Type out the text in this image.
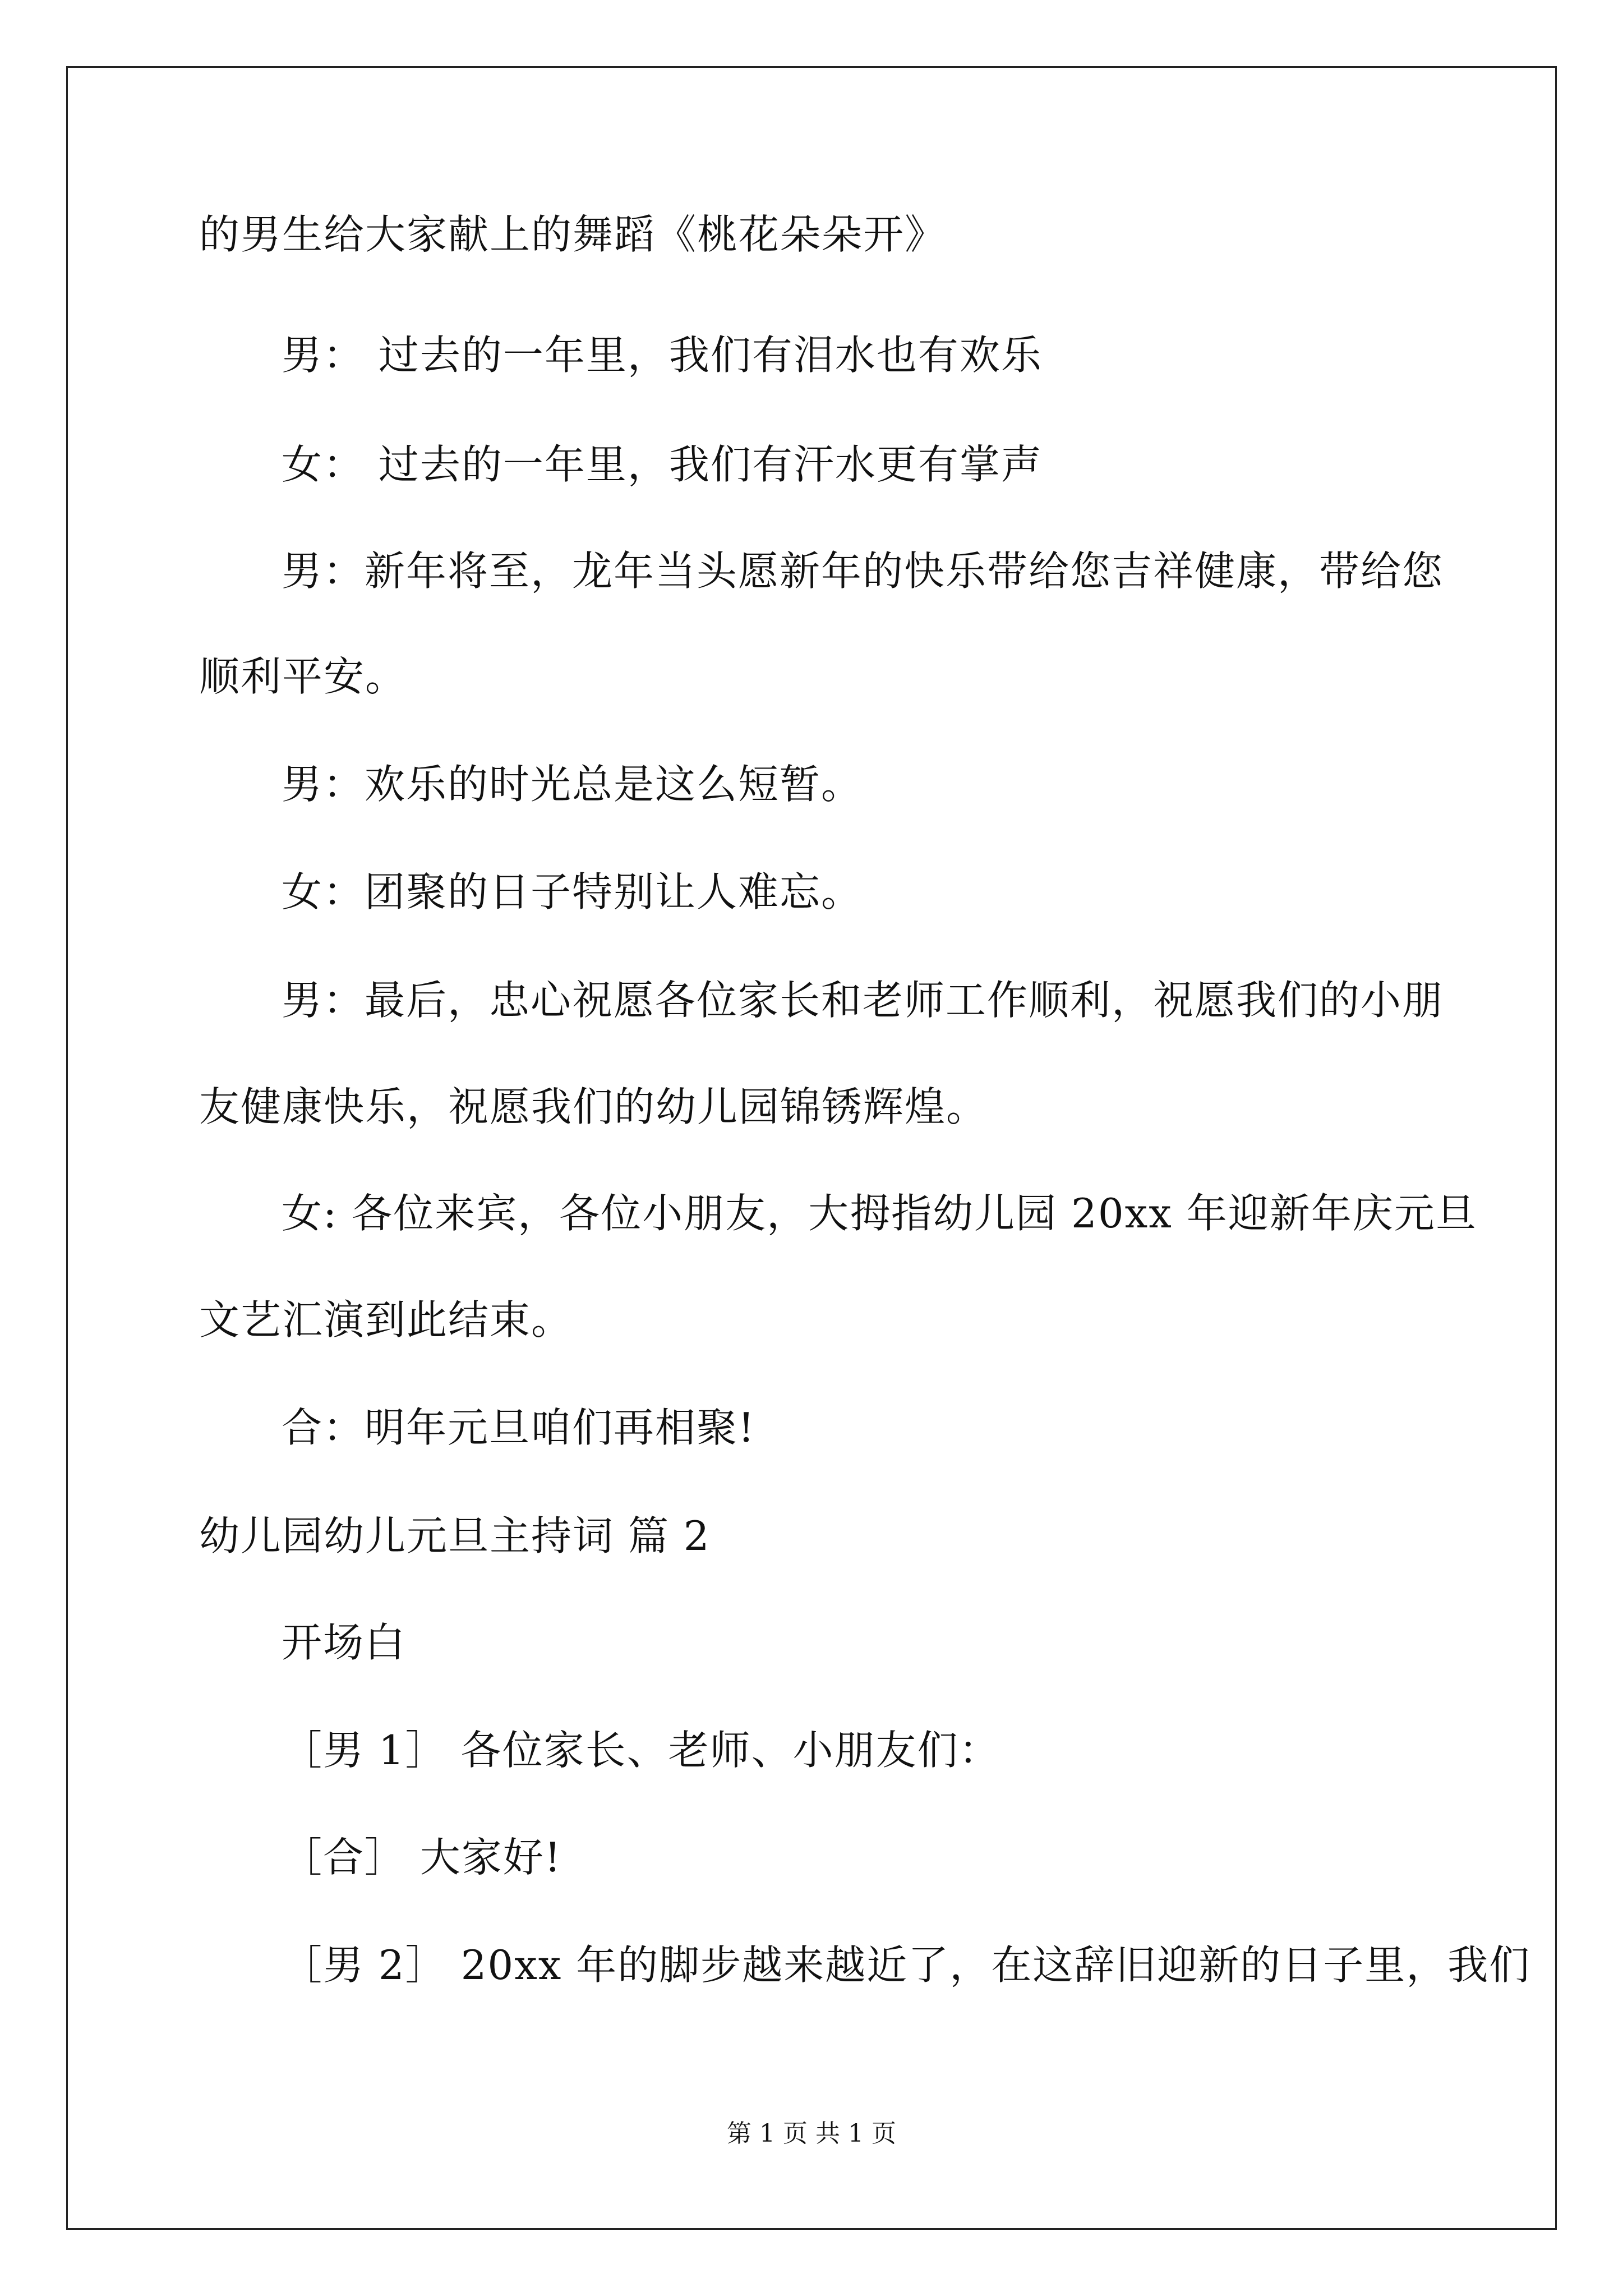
的男生给大家献上的舞蹈《桃花朵朵开》
男： 过去的一年里，我们有泪水也有欢乐
女： 过去的一年里，我们有汗水更有掌声
男：新年将至，龙年当头愿新年的快乐带给您吉祥健康，带给您
顺利平安。
男：欢乐的时光总是这么短暂。
女：团聚的日子特别让人难忘。
男：最后，忠心祝愿各位家长和老师工作顺利，祝愿我们的小朋
友健康快乐，祝愿我们的幼儿园锦锈辉煌。
女: 各位来宾，各位小朋友，大拇指幼儿园 20xx 年迎新年庆元旦
文艺汇演到此结束。
合：明年元旦咱们再相聚!
幼儿园幼儿元旦主持词 篇 2
开场白
［男 1］ 各位家长、老师、小朋友们：
［合］ 大家好!
［男 2］ 20xx 年的脚步越来越近了，在这辞旧迎新的日子里，我们
第 1 页 共 1 页
